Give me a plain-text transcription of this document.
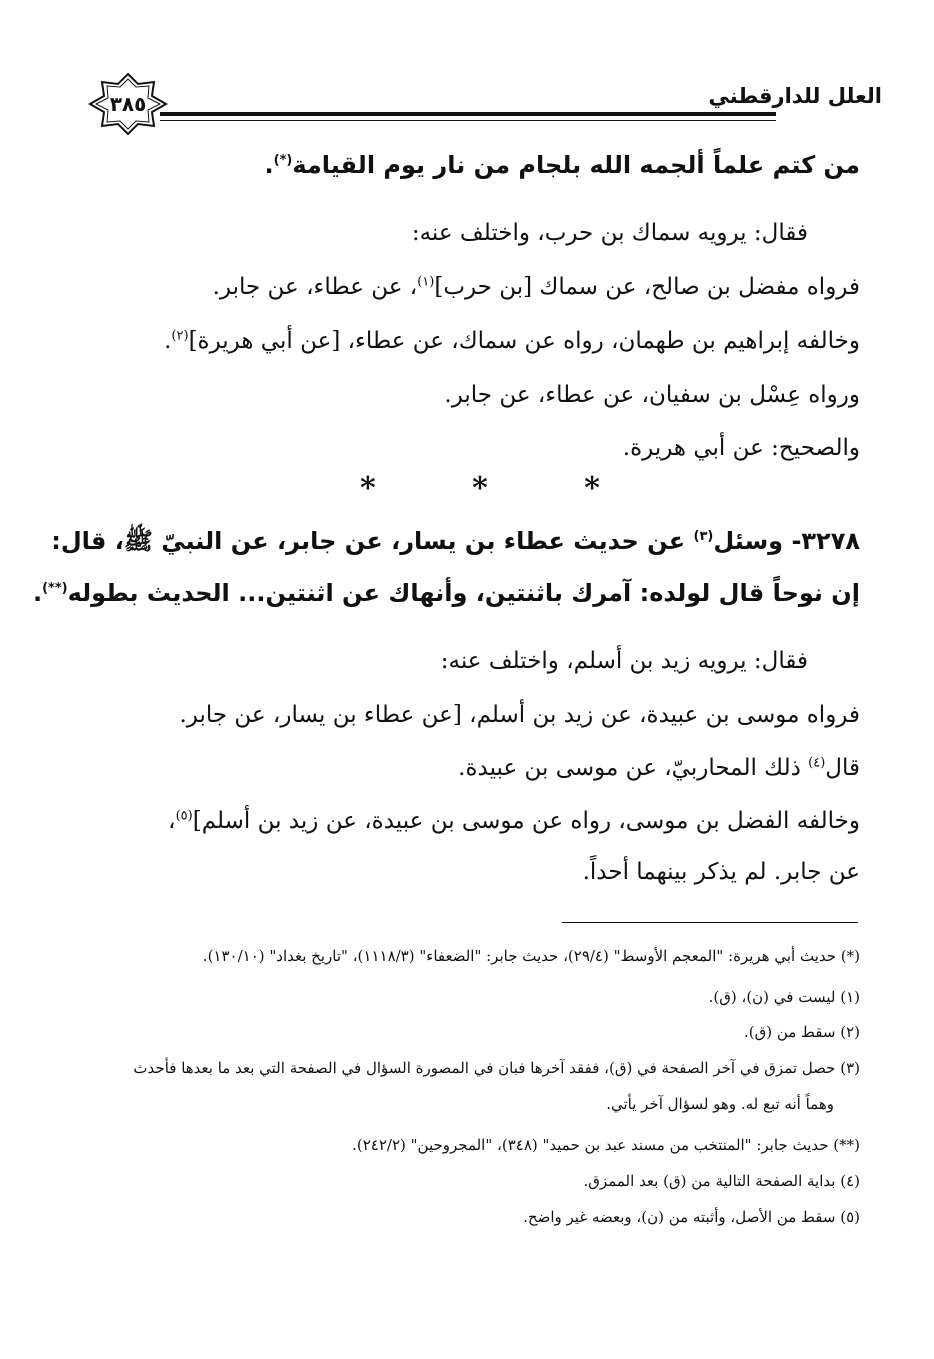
العلل للدارقطني
٣٨٥
من كتم علماً ألجمه الله بلجام من نار يوم القيامة(*).
فقال: يرويه سماك بن حرب، واختلف عنه:
فرواه مفضل بن صالح، عن سماك [بن حرب]$^{(١)}$، عن عطاء، عن جابر.
وخالفه إبراهيم بن طهمان، رواه عن سماك، عن عطاء، [عن أبي هريرة]$^{(٢)}$.
ورواه عِسْل بن سفيان، عن عطاء، عن جابر.
والصحيح: عن أبي هريرة.
*	*	*
٣٢٧٨- وسئل$^{(٣)}$ عن حديث عطاء بن يسار، عن جابر، عن النبيّ ﷺ، قال:
إن نوحاً قال لولده: آمرك باثنتين، وأنهاك عن اثنتين... الحديث بطوله(**).
فقال: يرويه زيد بن أسلم، واختلف عنه:
فرواه موسى بن عبيدة، عن زيد بن أسلم، [عن عطاء بن يسار، عن جابر.
قال$^{(٤)}$ ذلك المحاربيّ، عن موسى بن عبيدة.
وخالفه الفضل بن موسى، رواه عن موسى بن عبيدة، عن زيد بن أسلم]$^{(٥)}$،
عن جابر. لم يذكر بينهما أحداً.
(*) حديث أبي هريرة: "المعجم الأوسط" (٢٩/٤)، حديث جابر: "الضعفاء" (١١١٨/٣)، "تاريخ بغداد" (١٣٠/١٠).
(١) ليست في (ن)، (ق).
(٢) سقط من (ق).
(٣) حصل تمزق في آخر الصفحة في (ق)، ففقد آخرها فبان في المصورة السؤال في الصفحة التي بعد ما بعدها فأحدث
وهماً أنه تبع له. وهو لسؤال آخر يأتي.
(**) حديث جابر: "المنتخب من مسند عبد بن حميد" (٣٤٨)، "المجروحين" (٢٤٢/٢).
(٤) بداية الصفحة التالية من (ق) بعد الممزق.
(٥) سقط من الأصل، وأثبته من (ن)، وبعضه غير واضح.
